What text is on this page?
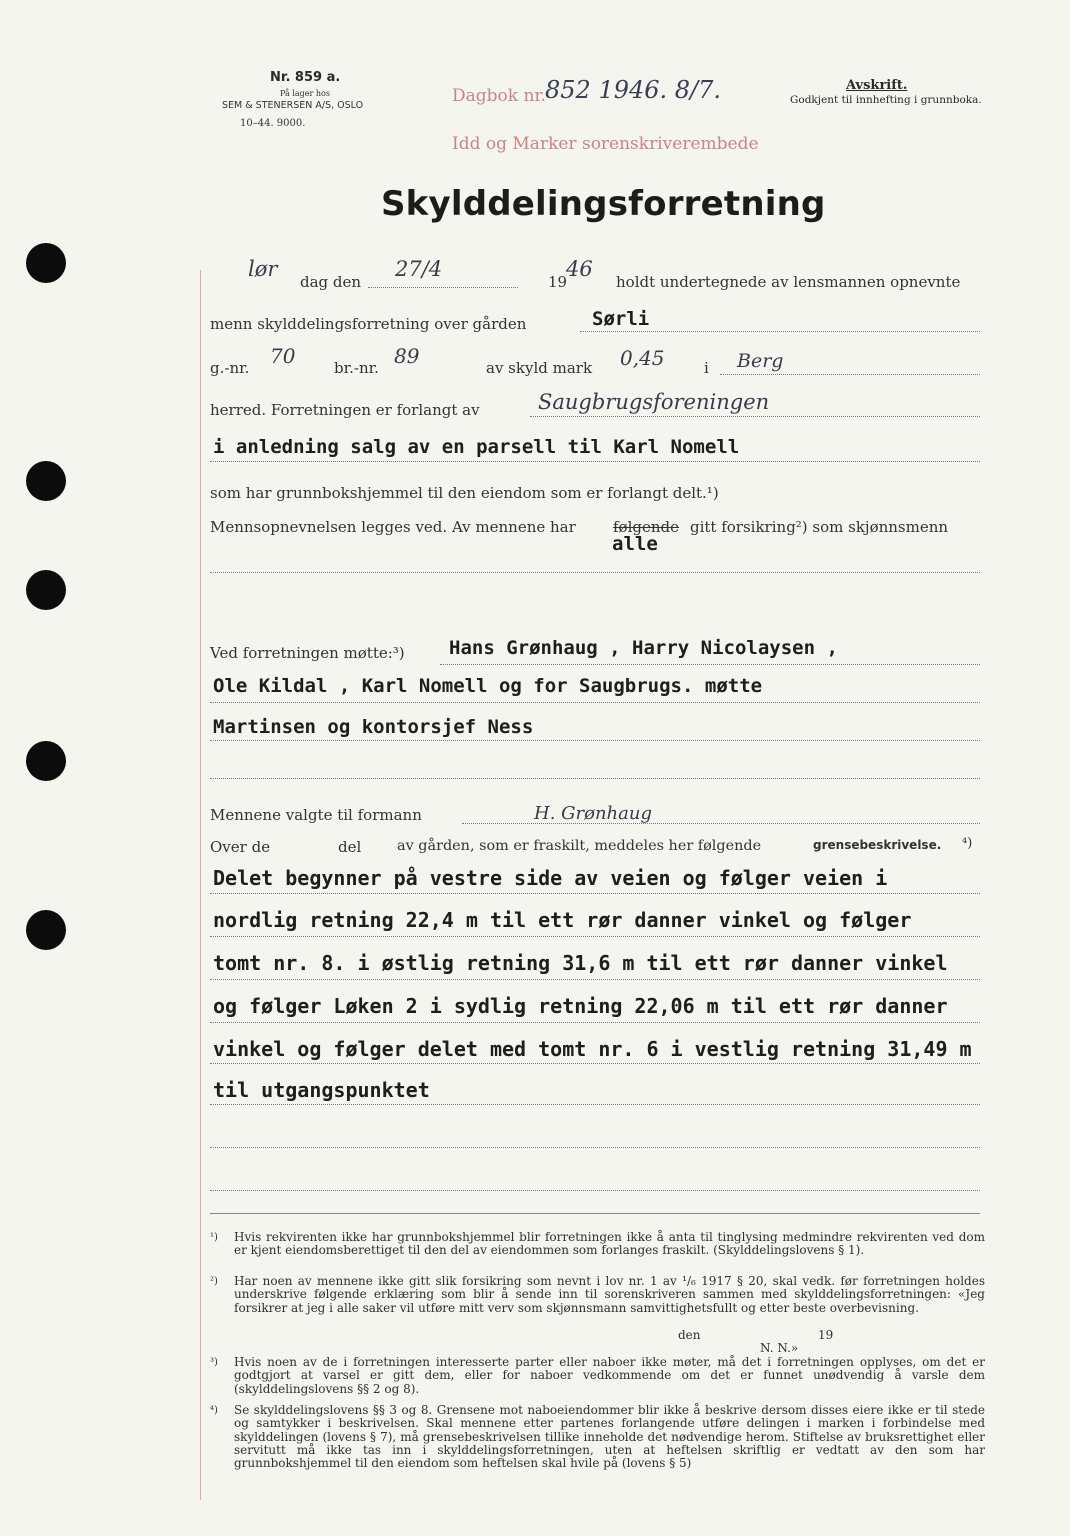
Nr. 859 a.
På lager hos
SEM & STENERSEN A/S, OSLO
10–44. 9000.
Avskrift.
Godkjent til innhefting i grunnboka.
Dagbok nr.
852 1946. 8/7.
Idd og Marker sorenskriverembede
Skylddelingsforretning
lør
dag den
27/4
19
46
holdt undertegnede av lensmannen opnevnte
menn skylddelingsforretning over gården	Sørli
g.-nr. 70	br.-nr. 89	av skyld mark 0,45	i Berg
herred. Forretningen er forlangt av	Saugbrugsforeningen
i anledning salg av en parsell til Karl Nomell
som har grunnbokshjemmel til den eiendom som er forlangt delt.¹)
Mennsopnevnelsen legges ved. Av mennene har følgende gitt forsikring²) som skjønnsmenn
alle
Ved forretningen møtte:³) Hans Grønhaug , Harry Nicolaysen ,
Ole Kildal , Karl Nomell og for Saugbrugs. møtte
Martinsen og kontorsjef Ness
Mennene valgte til formann	H. Grønhaug
Over de	del av gården, som er fraskilt, meddeles her følgende	grensebeskrivelse. ⁴)
Delet begynner på vestre side av veien og følger veien i
nordlig retning 22,4 m til ett rør danner vinkel og følger
tomt nr. 8. i østlig retning 31,6 m til ett rør danner vinkel
og følger Løken 2 i sydlig retning 22,06 m til ett rør danner
vinkel og følger delet med tomt nr. 6 i vestlig retning 31,49 m
til utgangspunktet
¹) Hvis rekvirenten ikke har grunnbokshjemmel blir forretningen ikke å anta til tinglysing medmindre rekvirenten ved dom er kjent eiendomsberettiget til den del av eiendommen som forlanges fraskilt. (Skylddelingslovens § 1).
²) Har noen av mennene ikke gitt slik forsikring som nevnt i lov nr. 1 av ¹/₆ 1917 § 20, skal vedk. før forretningen holdes underskrive følgende erklæring som blir å sende inn til sorenskriveren sammen med skylddelingsforretningen: «Jeg forsikrer at jeg i alle saker vil utføre mitt verv som skjønnsmann samvittighetsfullt og etter beste overbevisning.
den	19
N. N.»
³) Hvis noen av de i forretningen interesserte parter eller naboer ikke møter, må det i forretningen opplyses, om det er godtgjort at varsel er gitt dem, eller for naboer vedkommende om det er funnet unødvendig å varsle dem (skylddelingslovens §§ 2 og 8).
⁴) Se skylddelingslovens §§ 3 og 8. Grensene mot naboeiendommer blir ikke å beskrive dersom disses eiere ikke er til stede og samtykker i beskrivelsen. Skal mennene etter partenes forlangende utføre delingen i marken i forbindelse med skylddelingen (lovens § 7), må grensebeskrivelsen tillike inneholde det nødvendige herom. Stiftelse av bruksrettighet eller servitutt må ikke tas inn i skylddelingsforretningen, uten at heftelsen skriftlig er vedtatt av den som har grunnbokshjemmel til den eiendom som heftelsen skal hvile på (lovens § 5)
